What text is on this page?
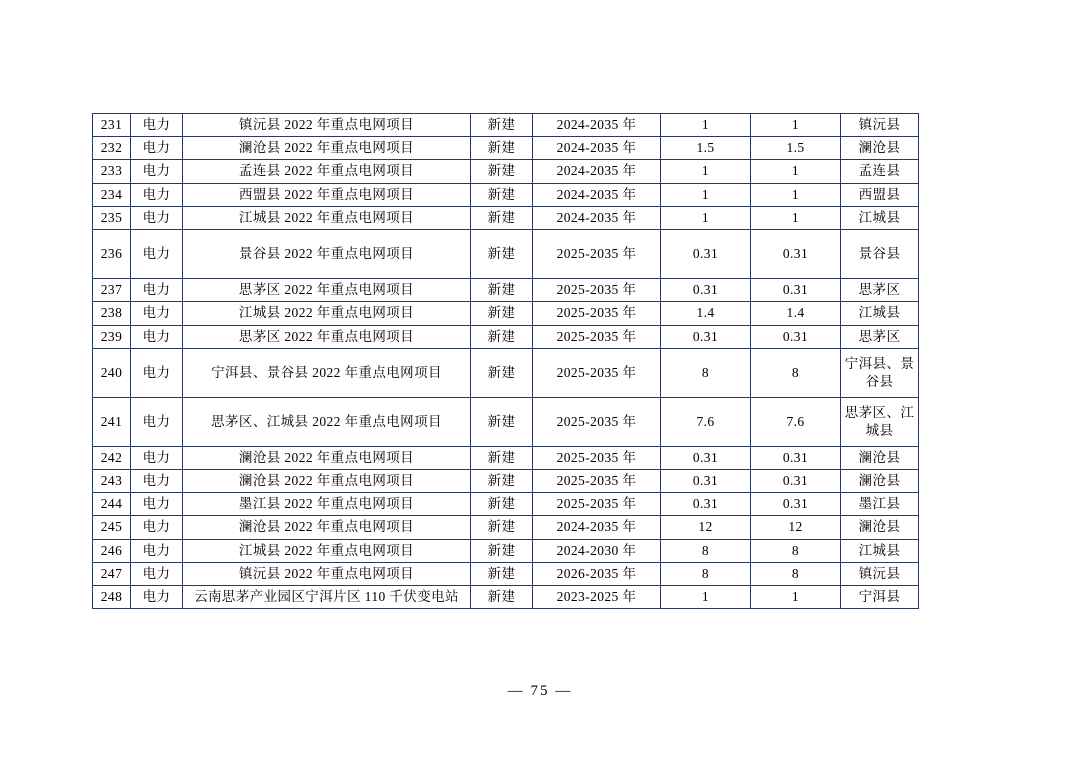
231	电力	镇沅县 2022 年重点电网项目	新建	2024-2035 年	1	1	镇沅县
232	电力	澜沧县 2022 年重点电网项目	新建	2024-2035 年	1.5	1.5	澜沧县
233	电力	孟连县 2022 年重点电网项目	新建	2024-2035 年	1	1	孟连县
234	电力	西盟县 2022 年重点电网项目	新建	2024-2035 年	1	1	西盟县
235	电力	江城县 2022 年重点电网项目	新建	2024-2035 年	1	1	江城县
236	电力	景谷县 2022 年重点电网项目	新建	2025-2035 年	0.31	0.31	景谷县
237	电力	思茅区 2022 年重点电网项目	新建	2025-2035 年	0.31	0.31	思茅区
238	电力	江城县 2022 年重点电网项目	新建	2025-2035 年	1.4	1.4	江城县
239	电力	思茅区 2022 年重点电网项目	新建	2025-2035 年	0.31	0.31	思茅区
240	电力	宁洱县、景谷县 2022 年重点电网项目	新建	2025-2035 年	8	8	宁洱县、景谷县
241	电力	思茅区、江城县 2022 年重点电网项目	新建	2025-2035 年	7.6	7.6	思茅区、江城县
242	电力	澜沧县 2022 年重点电网项目	新建	2025-2035 年	0.31	0.31	澜沧县
243	电力	澜沧县 2022 年重点电网项目	新建	2025-2035 年	0.31	0.31	澜沧县
244	电力	墨江县 2022 年重点电网项目	新建	2025-2035 年	0.31	0.31	墨江县
245	电力	澜沧县 2022 年重点电网项目	新建	2024-2035 年	12	12	澜沧县
246	电力	江城县 2022 年重点电网项目	新建	2024-2030 年	8	8	江城县
247	电力	镇沅县 2022 年重点电网项目	新建	2026-2035 年	8	8	镇沅县
248	电力	云南思茅产业园区宁洱片区 110 千伏变电站	新建	2023-2025 年	1	1	宁洱县
— 75 —
